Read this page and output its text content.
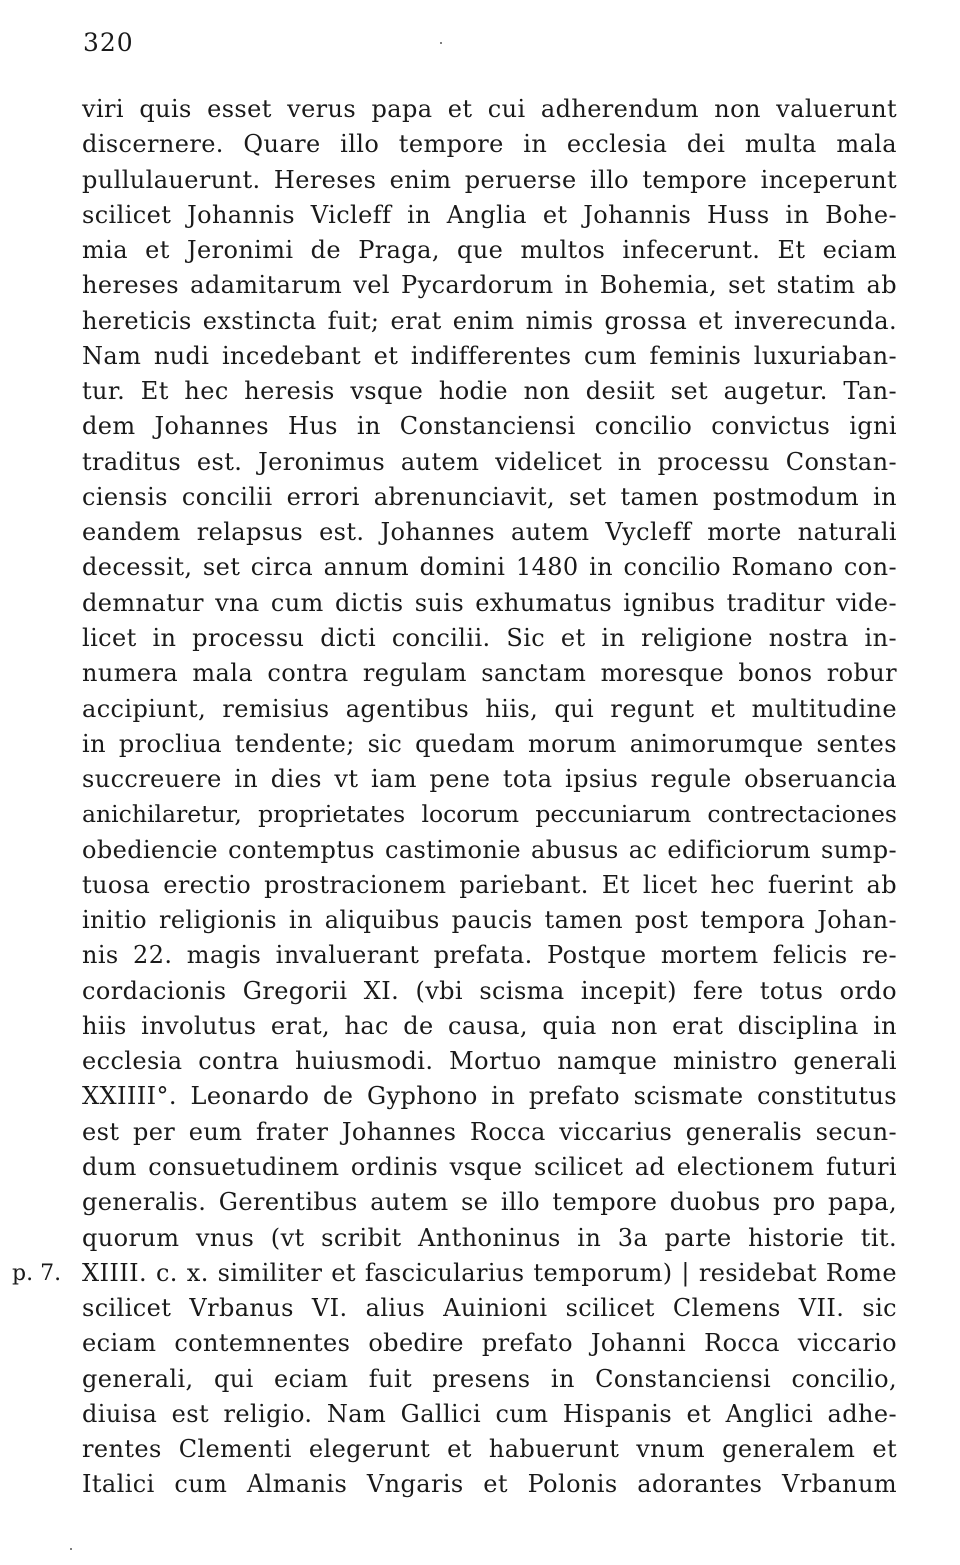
320
viri quis esset verus papa et cui adherendum non valuerunt
discernere. Quare illo tempore in ecclesia dei multa mala
pullulauerunt. Hereses enim peruerse illo tempore inceperunt
scilicet Johannis Vicleff in Anglia et Johannis Huss in Bohe-
mia et Jeronimi de Praga, que multos infecerunt. Et eciam
hereses adamitarum vel Pycardorum in Bohemia, set statim ab
hereticis exstincta fuit; erat enim nimis grossa et inverecunda.
Nam nudi incedebant et indifferentes cum feminis luxuriaban-
tur. Et hec heresis vsque hodie non desiit set augetur. Tan-
dem Johannes Hus in Constanciensi concilio convictus igni
traditus est. Jeronimus autem videlicet in processu Constan-
ciensis concilii errori abrenunciavit, set tamen postmodum in
eandem relapsus est. Johannes autem Vycleff morte naturali
decessit, set circa annum domini 1480 in concilio Romano con-
demnatur vna cum dictis suis exhumatus ignibus traditur vide-
licet in processu dicti concilii. Sic et in religione nostra in-
numera mala contra regulam sanctam moresque bonos robur
accipiunt, remisius agentibus hiis, qui regunt et multitudine
in procliua tendente; sic quedam morum animorumque sentes
succreuere in dies vt iam pene tota ipsius regule obseruancia
anichilaretur, proprietates locorum peccuniarum contrectaciones
obediencie contemptus castimonie abusus ac edificiorum sump-
tuosa erectio prostracionem pariebant. Et licet hec fuerint ab
initio religionis in aliquibus paucis tamen post tempora Johan-
nis 22. magis invaluerant prefata. Postque mortem felicis re-
cordacionis Gregorii XI. (vbi scisma incepit) fere totus ordo
hiis involutus erat, hac de causa, quia non erat disciplina in
ecclesia contra huiusmodi. Mortuo namque ministro generali
XXIIII°. Leonardo de Gyphono in prefato scismate constitutus
est per eum frater Johannes Rocca viccarius generalis secun-
dum consuetudinem ordinis vsque scilicet ad electionem futuri
generalis. Gerentibus autem se illo tempore duobus pro papa,
quorum vnus (vt scribit Anthoninus in 3a parte historie tit.
XIIII. c. x. similiter et fascicularius temporum) | residebat Rome
scilicet Vrbanus VI. alius Auinioni scilicet Clemens VII. sic
eciam contemnentes obedire prefato Johanni Rocca viccario
generali, qui eciam fuit presens in Constanciensi concilio,
diuisa est religio. Nam Gallici cum Hispanis et Anglici adhe-
rentes Clementi elegerunt et habuerunt vnum generalem et
Italici cum Almanis Vngaris et Polonis adorantes Vrbanum
p. 7.
